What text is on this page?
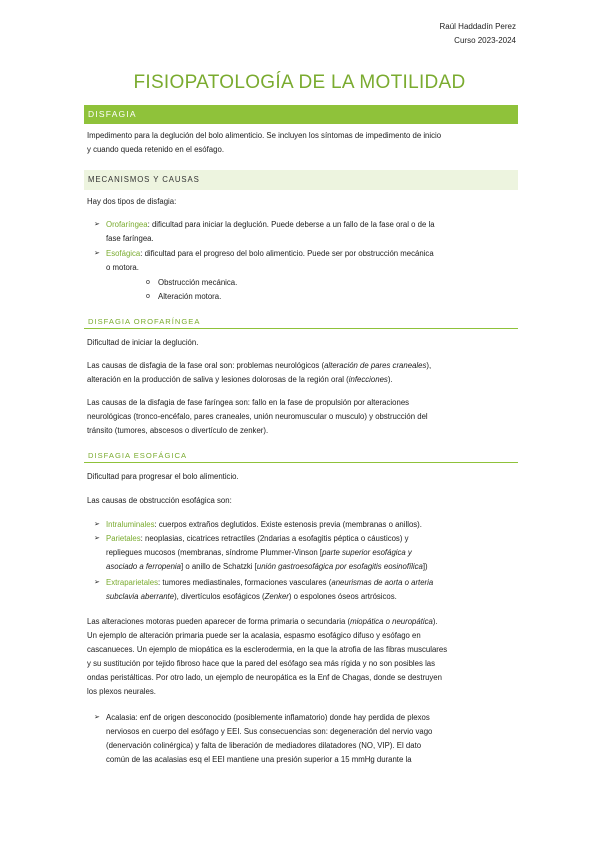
Raúl Haddadín Perez
Curso 2023-2024
FISIOPATOLOGÍA DE LA MOTILIDAD
DISFAGIA
Impedimento para la deglución del bolo alimenticio. Se incluyen los síntomas de impedimento de inicio
y cuando queda retenido en el esófago.
MECANISMOS Y CAUSAS
Hay dos tipos de disfagia:
➢ Orofaríngea: dificultad para iniciar la deglución. Puede deberse a un fallo de la fase oral o de la
fase faríngea.
➢ Esofágica: dificultad para el progreso del bolo alimenticio. Puede ser por obstrucción mecánica
o motora.
o Obstrucción mecánica.
o Alteración motora.
DISFAGIA OROFARÍNGEA
Dificultad de iniciar la deglución.
Las causas de disfagia de la fase oral son: problemas neurológicos (alteración de pares craneales),
alteración en la producción de saliva y lesiones dolorosas de la región oral (infecciones).
Las causas de la disfagia de fase faríngea son: fallo en la fase de propulsión por alteraciones
neurológicas (tronco-encéfalo, pares craneales, unión neuromuscular o musculo) y obstrucción del
tránsito (tumores, abscesos o divertículo de zenker).
DISFAGIA ESOFÁGICA
Dificultad para progresar el bolo alimenticio.
Las causas de obstrucción esofágica son:
➢ Intraluminales: cuerpos extraños deglutidos. Existe estenosis previa (membranas o anillos).
➢ Parietales: neoplasias, cicatrices retractiles (2ndarias a esofagitis péptica o cáusticos) y
repliegues mucosos (membranas, síndrome Plummer-Vinson [parte superior esofágica y
asociado a ferropenia] o anillo de Schatzki [unión gastroesofágica por esofagitis eosinofílica])
➢ Extraparietales: tumores mediastinales, formaciones vasculares (aneurismas de aorta o arteria
subclavia aberrante), divertículos esofágicos (Zenker) o espolones óseos artrósicos.
Las alteraciones motoras pueden aparecer de forma primaria o secundaria (miopática o neuropática).
Un ejemplo de alteración primaria puede ser la acalasia, espasmo esofágico difuso y esófago en
cascanueces. Un ejemplo de miopática es la esclerodermia, en la que la atrofia de las fibras musculares
y su sustitución por tejido fibroso hace que la pared del esófago sea más rígida y no son posibles las
ondas peristálticas. Por otro lado, un ejemplo de neuropática es la Enf de Chagas, donde se destruyen
los plexos neurales.
➢ Acalasia: enf de origen desconocido (posiblemente inflamatorio) donde hay perdida de plexos
nerviosos en cuerpo del esófago y EEI. Sus consecuencias son: degeneración del nervio vago
(denervación colinérgica) y falta de liberación de mediadores dilatadores (NO, VIP). El dato
común de las acalasias esq el EEI mantiene una presión superior a 15 mmHg durante la
